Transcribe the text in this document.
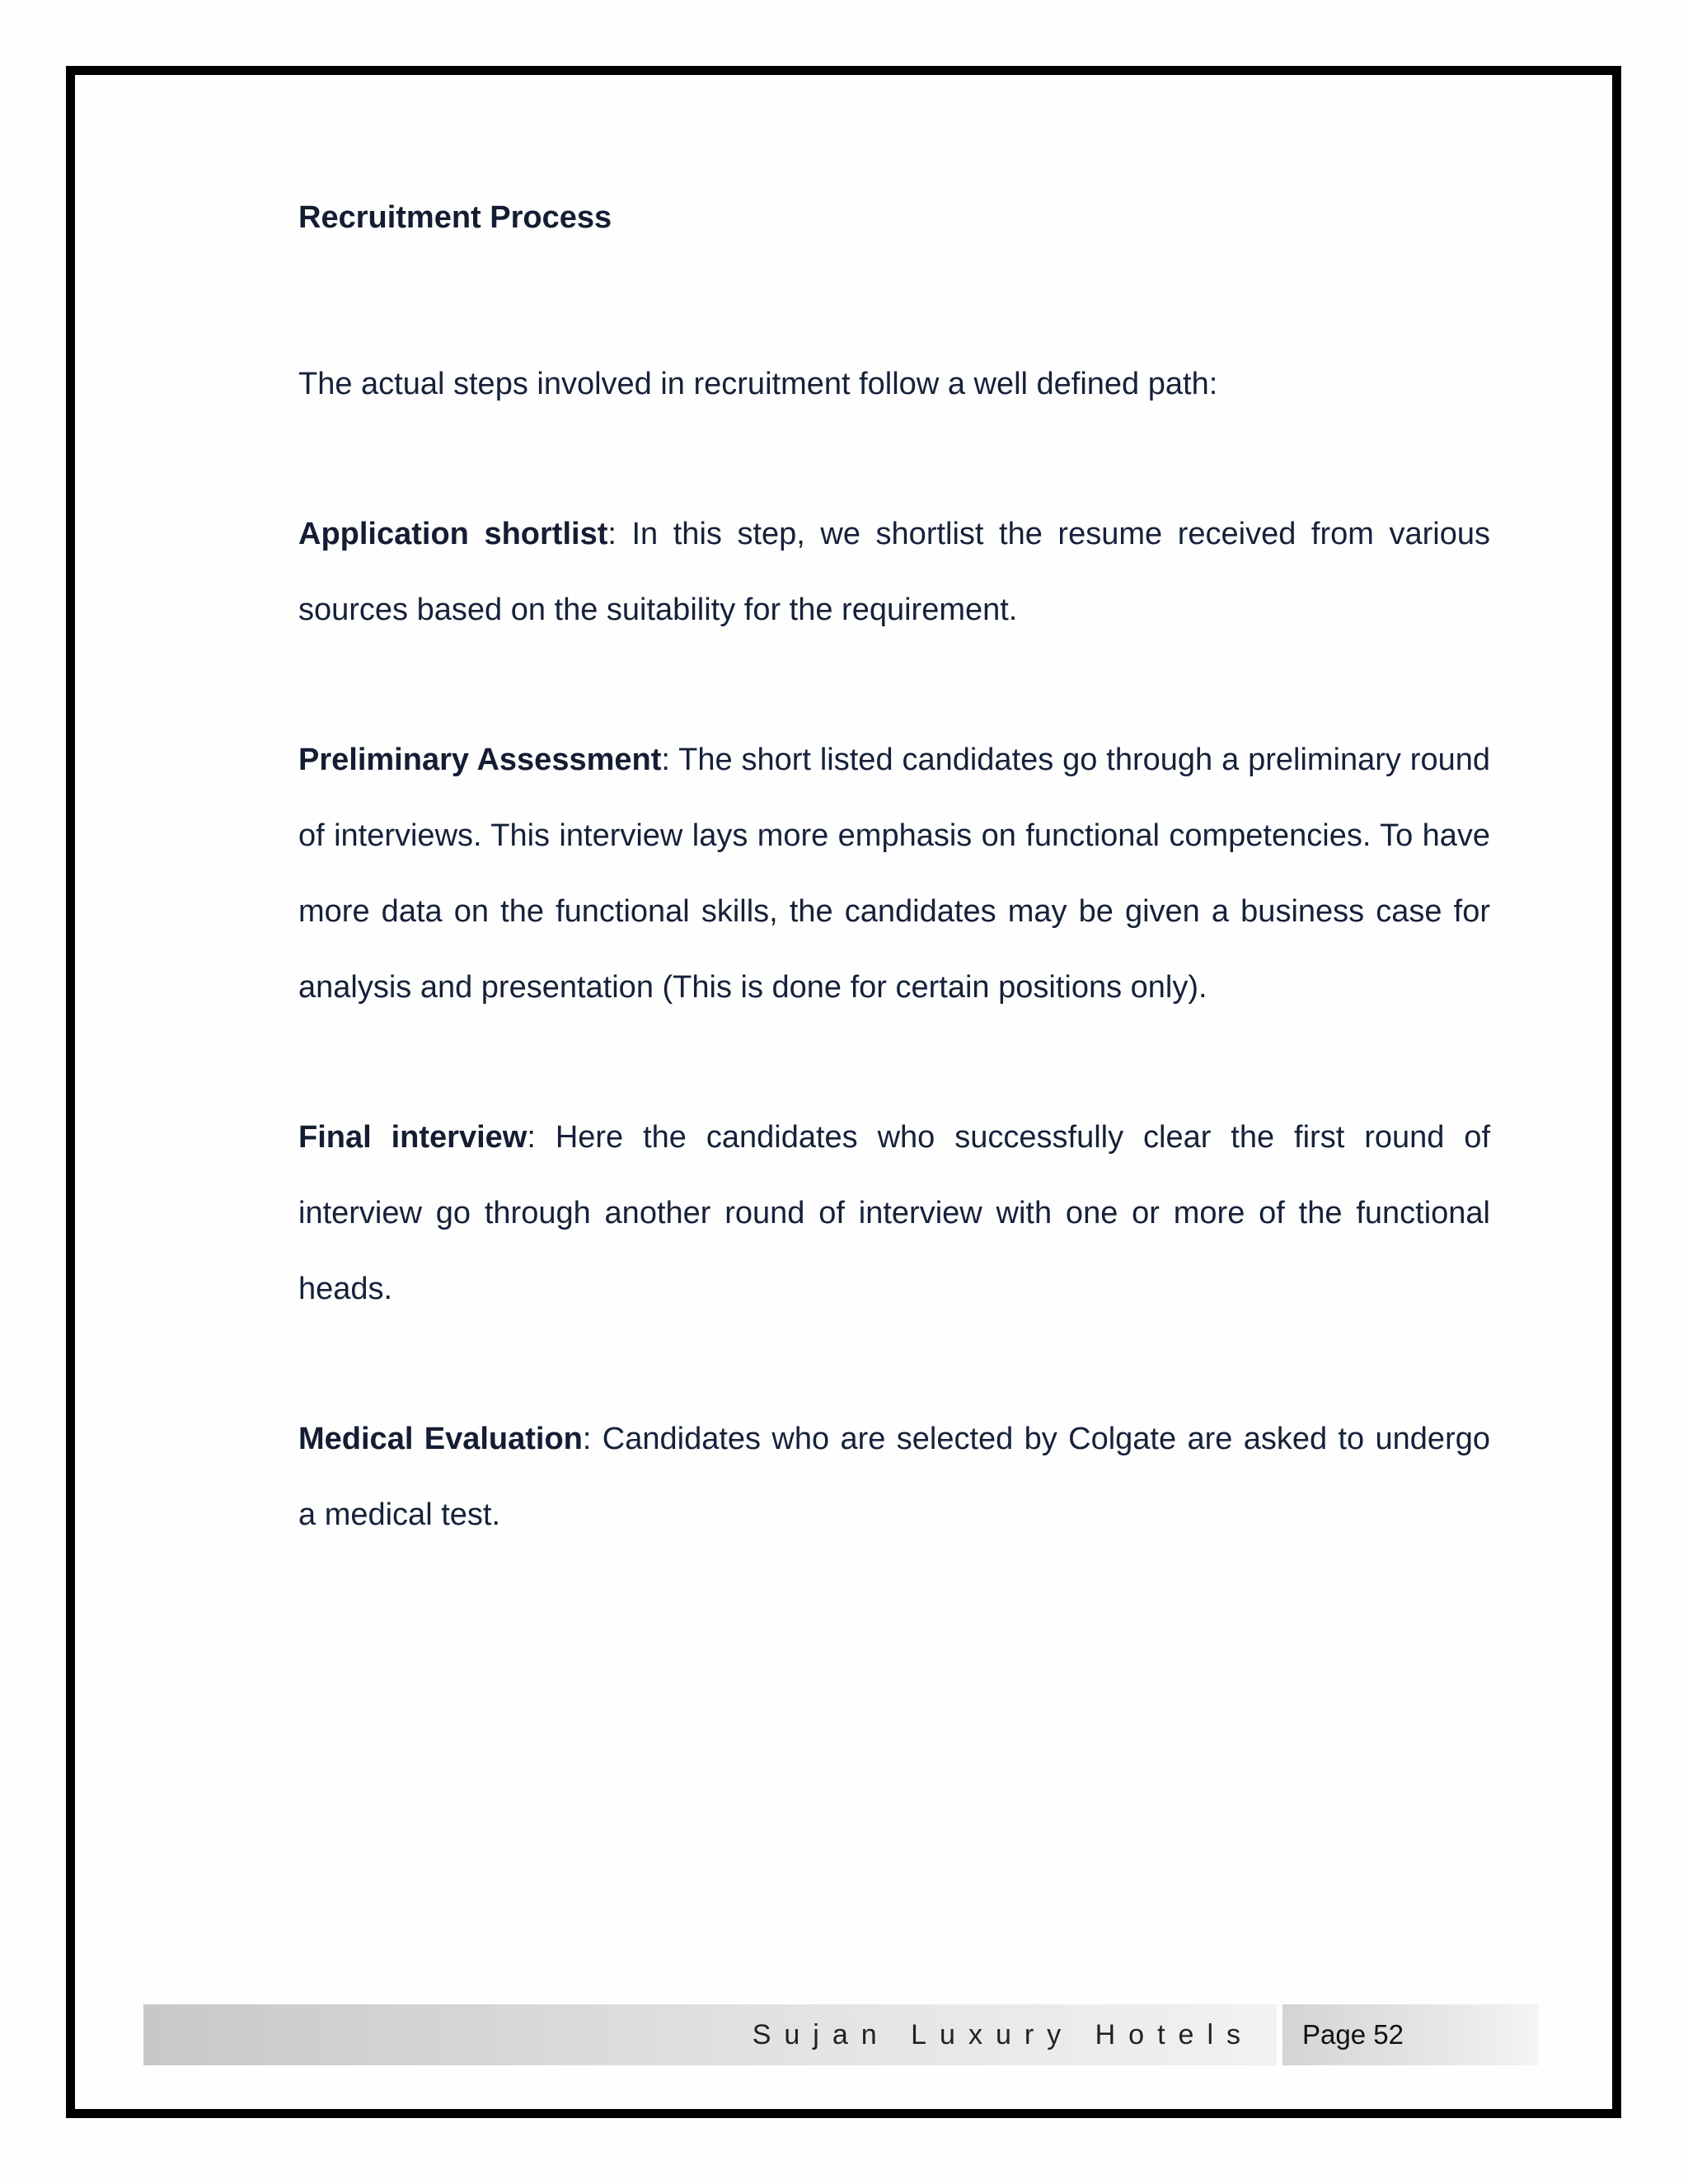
Recruitment Process

The actual steps involved in recruitment follow a well defined path:

Application shortlist: In this step, we shortlist the resume received from various sources based on the suitability for the requirement.

Preliminary Assessment: The short listed candidates go through a preliminary round of interviews. This interview lays more emphasis on functional competencies. To have more data on the functional skills, the candidates may be given a business case for analysis and presentation (This is done for certain positions only).

Final interview: Here the candidates who successfully clear the first round of interview go through another round of interview with one or more of the functional heads.

Medical Evaluation: Candidates who are selected by Colgate are asked to undergo a medical test.

Sujan Luxury Hotels Page 52
